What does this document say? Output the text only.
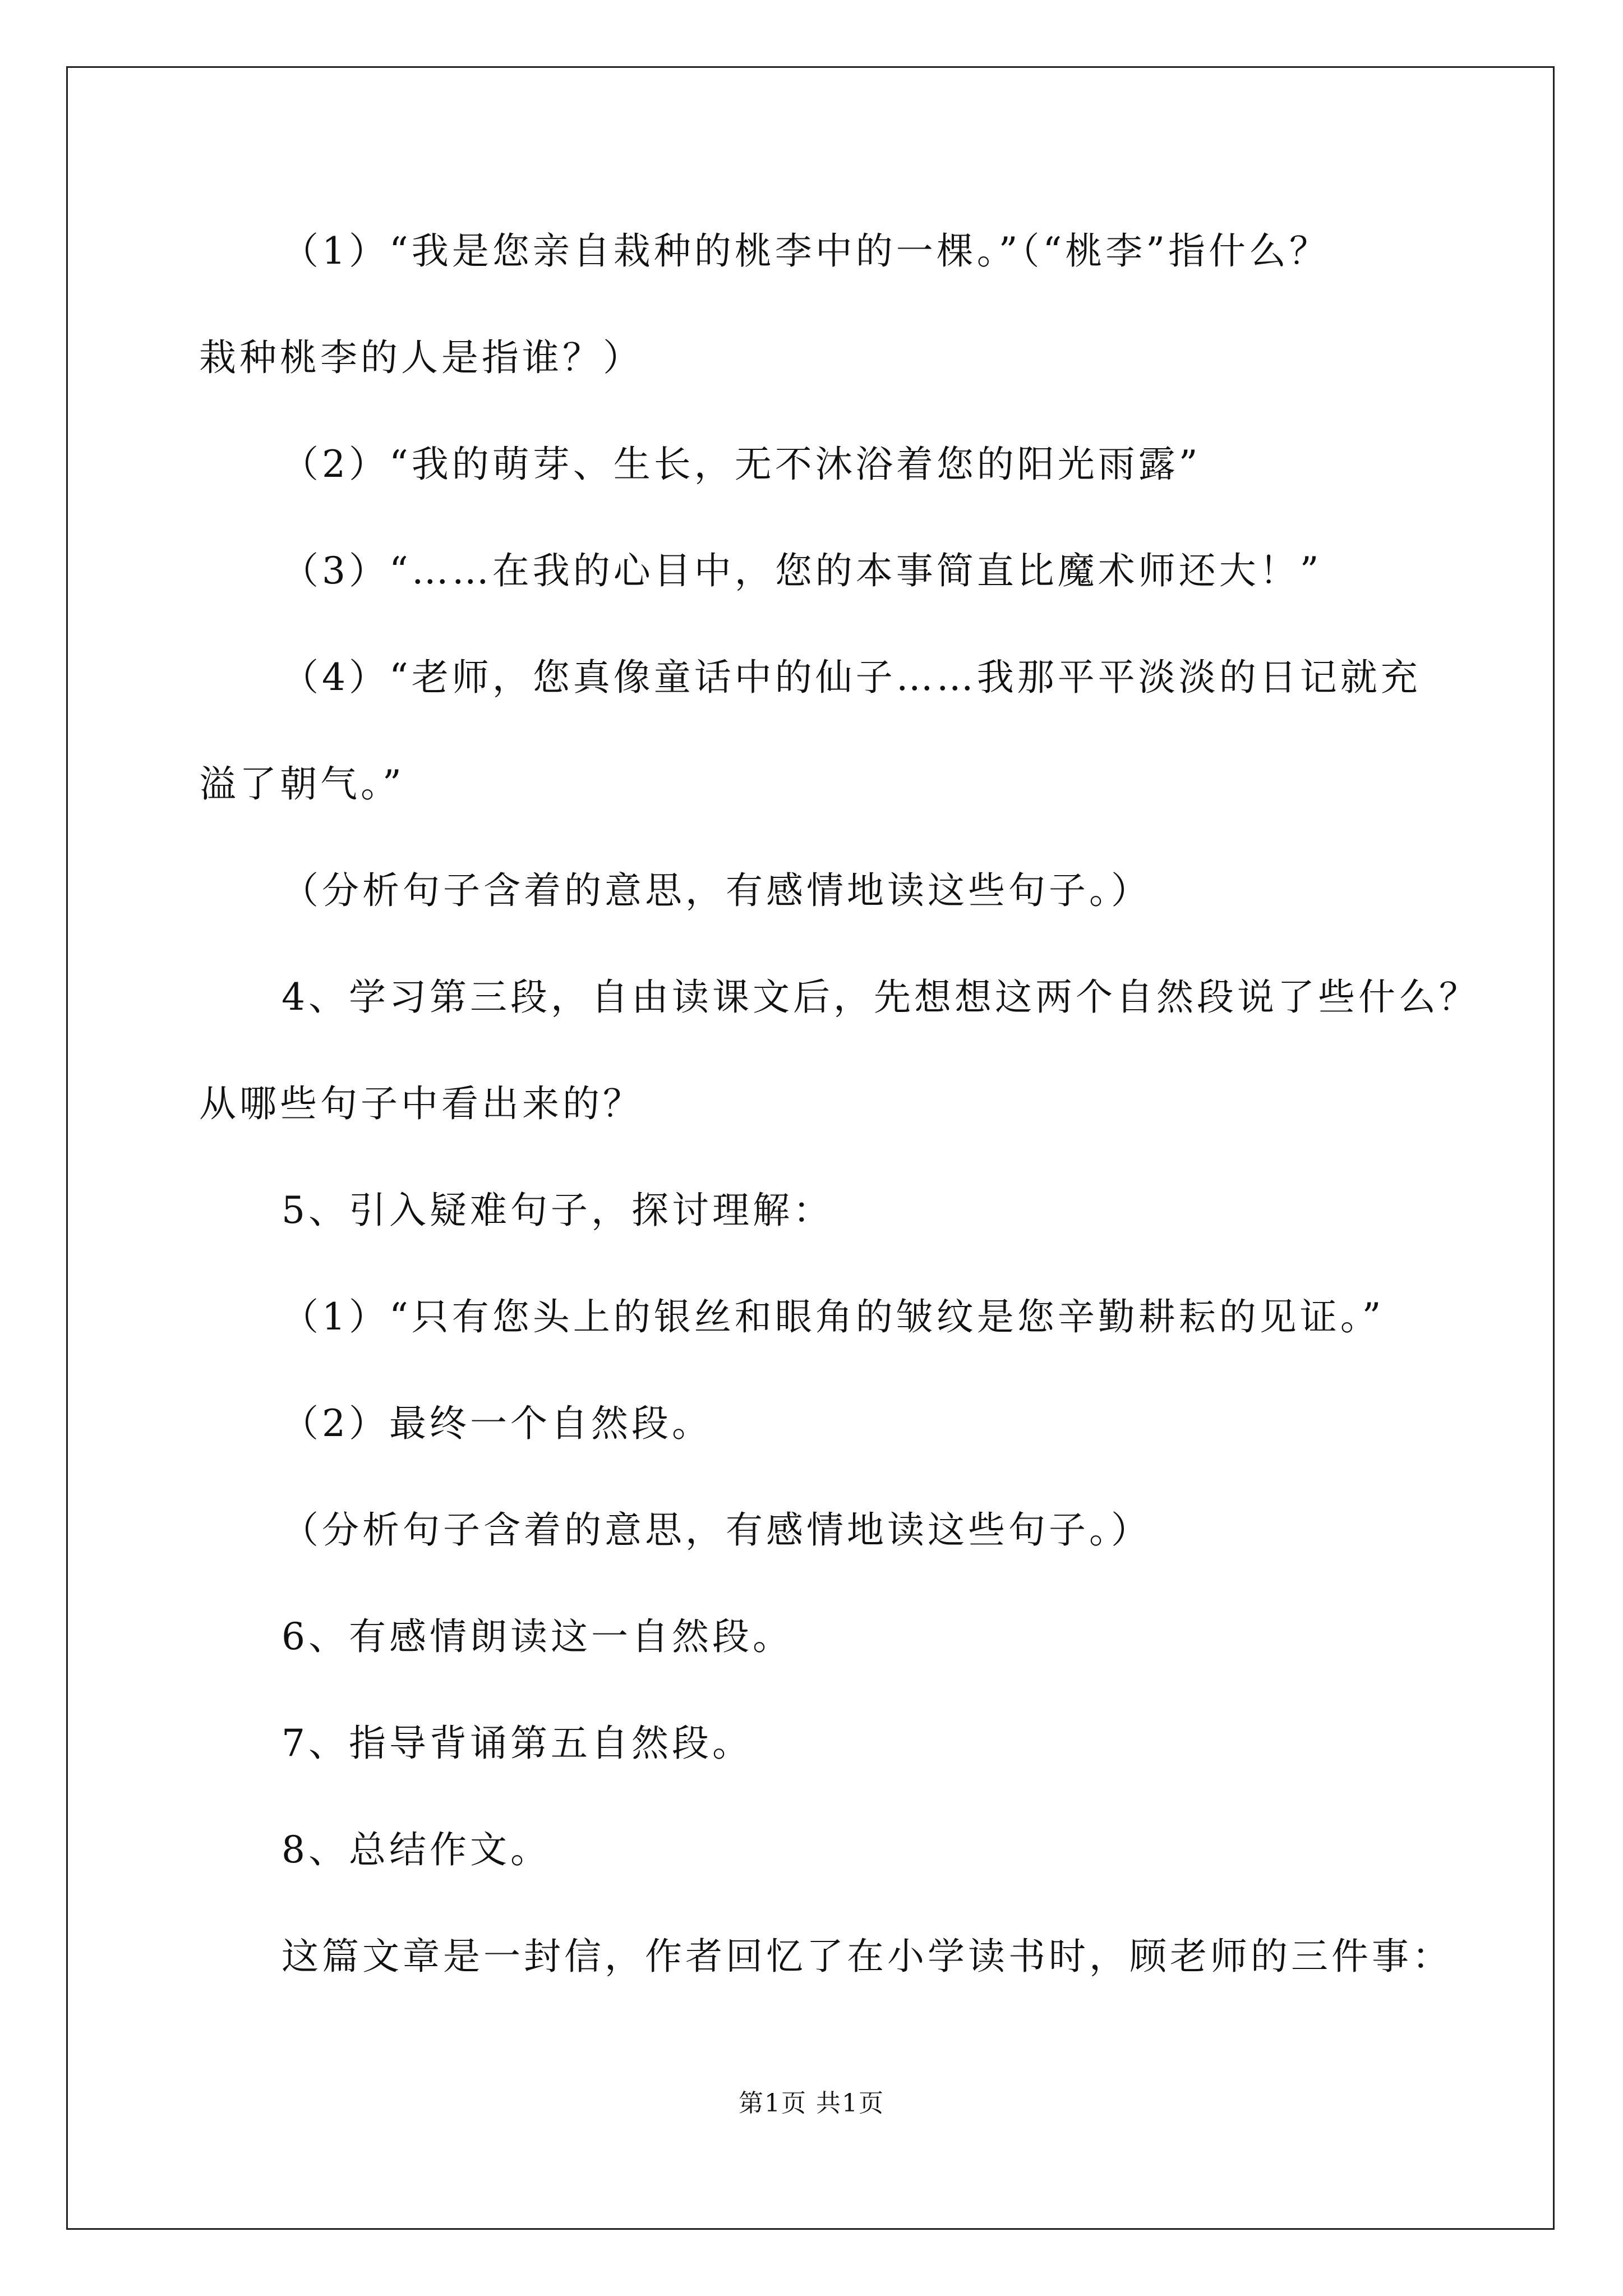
（1）“我是您亲自栽种的桃李中的一棵。”（“桃李”指什么？
栽种桃李的人是指谁？）
（2）“我的萌芽、生长，无不沐浴着您的阳光雨露”
（3）“……在我的心目中，您的本事简直比魔术师还大！”
（4）“老师，您真像童话中的仙子……我那平平淡淡的日记就充
溢了朝气。”
（分析句子含着的意思，有感情地读这些句子。）
4、学习第三段，自由读课文后，先想想这两个自然段说了些什么？
从哪些句子中看出来的？
5、引入疑难句子，探讨理解：
（1）“只有您头上的银丝和眼角的皱纹是您辛勤耕耘的见证。”
（2）最终一个自然段。
（分析句子含着的意思，有感情地读这些句子。）
6、有感情朗读这一自然段。
7、指导背诵第五自然段。
8、总结作文。
这篇文章是一封信，作者回忆了在小学读书时，顾老师的三件事：
第1页 共1页
